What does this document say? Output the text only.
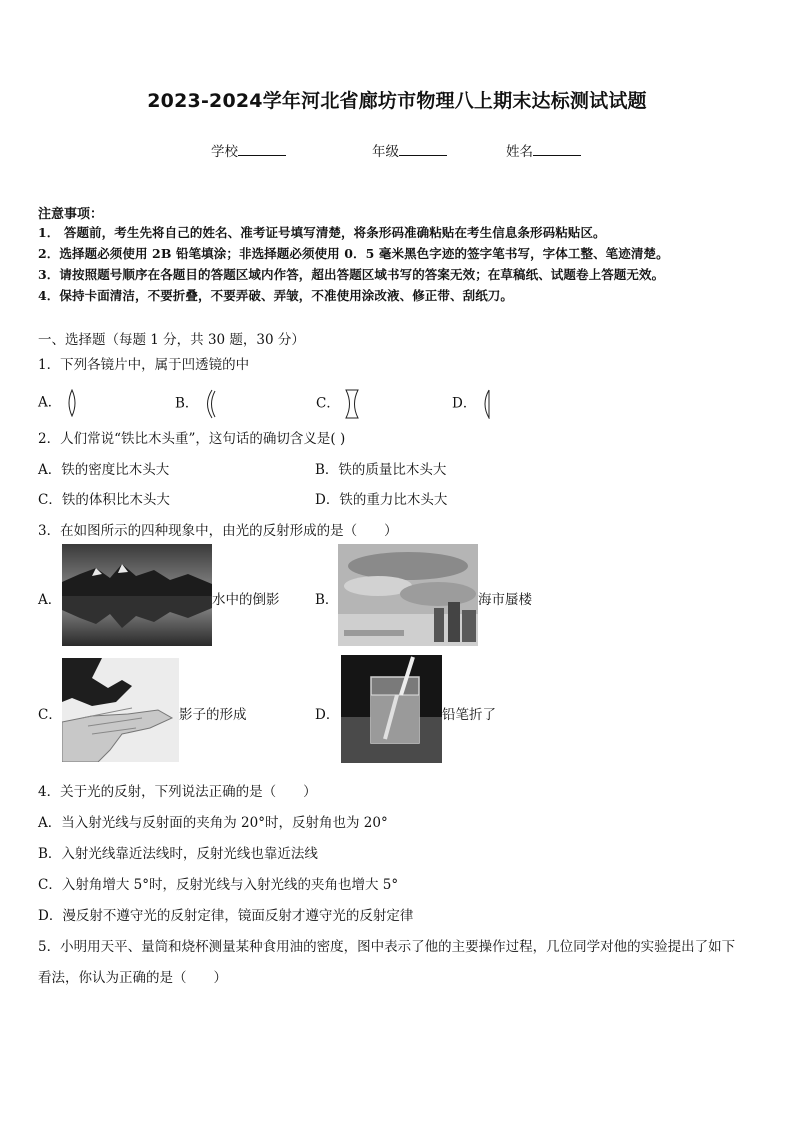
2023-2024学年河北省廊坊市物理八上期末达标测试试题
学校	年级	姓名
注意事项：
1． 答题前，考生先将自己的姓名、准考证号填写清楚，将条形码准确粘贴在考生信息条形码粘贴区。
2．选择题必须使用 2B 铅笔填涂；非选择题必须使用 0．5 毫米黑色字迹的签字笔书写，字体工整、笔迹清楚。
3．请按照题号顺序在各题目的答题区域内作答，超出答题区域书写的答案无效；在草稿纸、试题卷上答题无效。
4．保持卡面清洁，不要折叠，不要弄破、弄皱，不准使用涂改液、修正带、刮纸刀。
一、选择题（每题 1 分，共 30 题，30 分）
1．下列各镜片中，属于凹透镜的中
A．	B．	C．	D．
2．人们常说“铁比木头重”，这句话的确切含义是( )
A．铁的密度比木头大	B．铁的质量比木头大
C．铁的体积比木头大	D．铁的重力比木头大
3．在如图所示的四种现象中，由光的反射形成的是（　　）
A．	水中的倒影	B．	海市蜃楼
C．	影子的形成	D．	铅笔折了
4．关于光的反射，下列说法正确的是（　　）
A．当入射光线与反射面的夹角为 20°时，反射角也为 20°
B．入射光线靠近法线时，反射光线也靠近法线
C．入射角增大 5°时，反射光线与入射光线的夹角也增大 5°
D．漫反射不遵守光的反射定律，镜面反射才遵守光的反射定律
5．小明用天平、量筒和烧杯测量某种食用油的密度，图中表示了他的主要操作过程，几位同学对他的实验提出了如下
看法，你认为正确的是（　　）
